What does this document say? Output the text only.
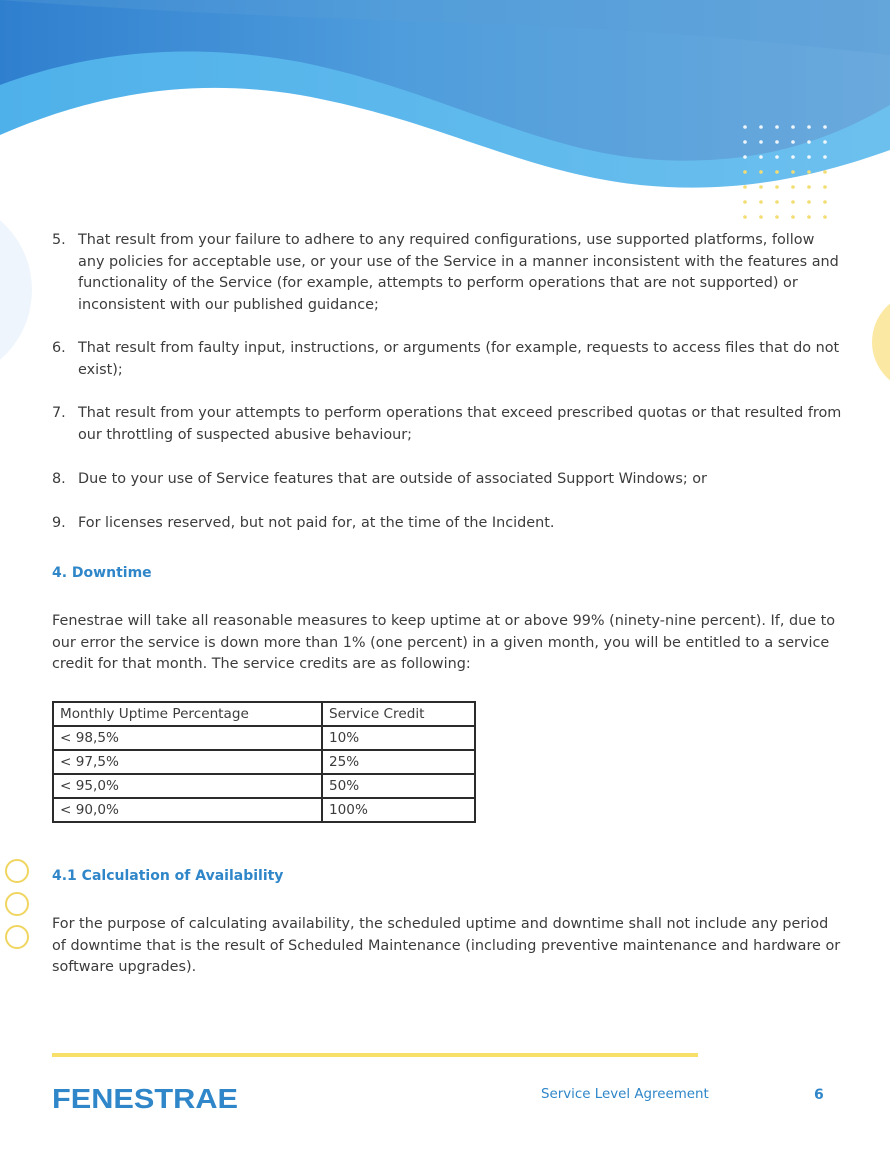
5. That result from your failure to adhere to any required configurations, use supported platforms, follow any policies for acceptable use, or your use of the Service in a manner inconsistent with the features and functionality of the Service (for example, attempts to perform operations that are not supported) or inconsistent with our published guidance;
6. That result from faulty input, instructions, or arguments (for example, requests to access files that do not exist);
7. That result from your attempts to perform operations that exceed prescribed quotas or that resulted from our throttling of suspected abusive behaviour;
8. Due to your use of Service features that are outside of associated Support Windows; or
9. For licenses reserved, but not paid for, at the time of the Incident.
4. Downtime

Fenestrae will take all reasonable measures to keep uptime at or above 99% (ninety-nine percent). If, due to our error the service is down more than 1% (one percent) in a given month, you will be entitled to a service credit for that month. The service credits are as following:

Monthly Uptime Percentage	Service Credit
< 98,5%	10%
< 97,5%	25%
< 95,0%	50%
< 90,0%	100%
4.1 Calculation of Availability

For the purpose of calculating availability, the scheduled uptime and downtime shall not include any period of downtime that is the result of Scheduled Maintenance (including preventive maintenance and hardware or software upgrades).

FENESTRAE	Service Level Agreement	6
